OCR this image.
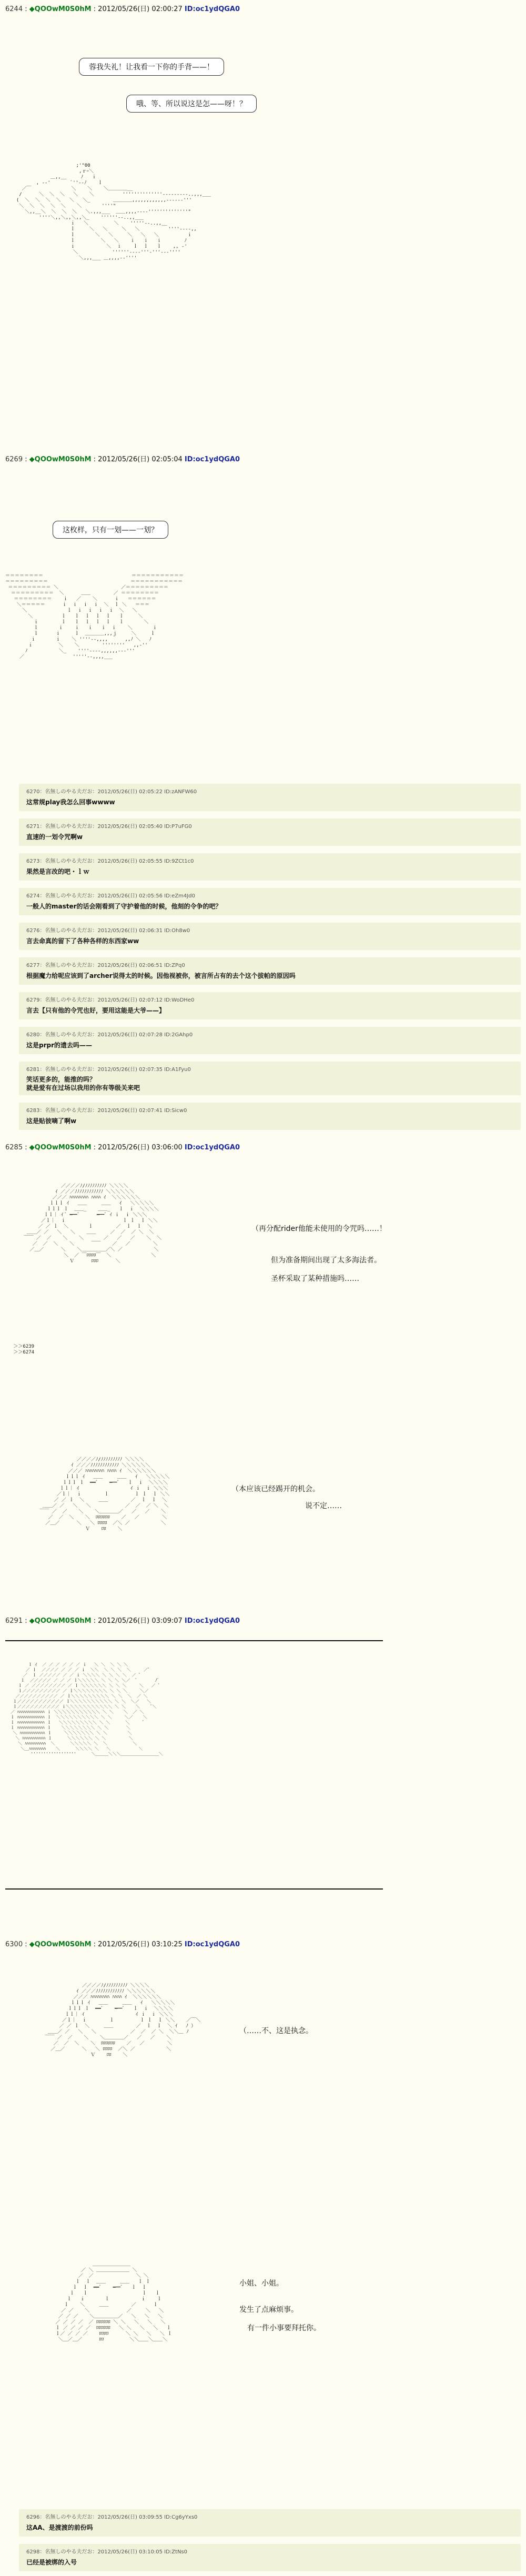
6244 : ◆QOOwM0S0hM : 2012/05/26(日) 02:00:27 ID:oc1ydQGA0
蓉我失礼！让我看一下你的手背——！
哦、等、所以说这是怎——呀！？
;'"00
,ｒｰ＼
＿,,__     ﾉ   ｉ
, -‐'       ﾞ''‐-ﾉ    ｌ
／￣              ＼    ＼    ＼＿＿＿＿__
/      ＼  ＼  ＼   ＼    ＼          ''''''''''''''‐--------..,,,___
(  ＼  ＼  ＼  ＼   ＼   ＼_        ＿＿＿＿,,,,,,,,,,,,----‐‐'''
＼  ＼  ＼  ＼  ＼    ＼       ''''"
＼,,__＼  ＼  ＼  ＼   ＼.,,,___  ＿＿,,,,---‐''''''''''''''"
''''＼,,＼,,＼,,＼_    ''''''‐-..,,___
ｉ   ＼         ＼    '''''‐-..,,__
ｌ     ＼   ＼     ＼   ＼          ''''‐‐--,,
ｌ       ＼   ＼     ＼   ＼   ＼          ｉ
ｌ         ＼   ＼    ｉ   ｉ   ｉ        ﾉ
ｉ           ＼  ｉ    ｌ  ｌ   ｌ    ,, -'
＼            ''''''-‐--'''‐'''‐-‐''''
＼,,,___ ＿,,,,-‐''''

6269 : ◆QOOwM0S0hM : 2012/05/26(日) 02:05:04 ID:oc1ydQGA0
这枚样，只有一划——一划？
＝＝＝＝＝＝＝＝                               ＝＝＝＝＝＝＝＝＝＝＝
＝＝＝＝＝＝＝＝＝                             ＝＝＝＝＝＝＝＝＝＝＝
＝＝＝＝＝＝＝＝＝ ＼                      ／＝＝＝＝＝＝＝＝＝
＝＝＝＝＝＝＝＝＝  ＼      ＿＿        ／ ＝＝＝＝＝＝＝＝
＝＝＝＝＝＝＝＝    ｉ   ／    ＼      ｉ   ＝＝＝＝＝＝
＼＝＝＝＝＝      ｉ  ｉ  ｉ  ｉ  ＼  ｌ ＼   ＝＝＝
＼              ｌ  ｉ  ｉ  ｉ  ｉ  ＼   ＼
＼          ｌ   ｌ  ｌ  ｌ  ｌ   ｌ     ＼
ｉ        ｌ   ｌ  ｌ  ｌ  ｌ   ｌ       ＼
ｌ       ｉ    ｉ   ｉ   ｉ  ｉ    ＼       ｉ
ｌ      ｉ     ｌ  ＿＿＿＿,,,ｊ     ＼     ｌ
ｉ       ｉ    ＼ ''''‐-,,,,      ,,ﾉ ＼   ﾉ
ｉ         ＼    ＼        ''''''''   ,,-''
ﾉ           ＼_    ''''‐---,,,,,,---'''
／                 '''''‐-,,,,___

6270：名無しのやる夫だお：2012/05/26(日) 02:05:22 ID:zANFW60
这常规play我怎么回事wwww
6271：名無しのやる夫だお：2012/05/26(日) 02:05:40 ID:P7uFG0
直速的一划令咒啊w
6273：名無しのやる夫だお：2012/05/26(日) 02:05:55 ID:9ZCt1c0
果然是言改的吧・ｌｗ
6274：名無しのやる夫だお：2012/05/26(日) 02:05:56 ID:eZm4Jd0
一般人的master的话会刚看到了守护着他的时候，他刻的令争的吧？
6276：名無しのやる夫だお：2012/05/26(日) 02:06:31 ID:Oh8w0
言去命真的留下了各种各样的东西家ww
6277：名無しのやる夫だお：2012/05/26(日) 02:06:51 ID:ZPq0
根据魔力给呢应该到了archer说得太的时候。因他视被你，被言所占有的去个这个拔帕的原因吗
6279：名無しのやる夫だお：2012/05/26(日) 02:07:12 ID:WoDHe0
言去【只有他的令咒也好，要用这能是大爷——】
6280：名無しのやる夫だお：2012/05/26(日) 02:07:28 ID:2GAhp0
这是prpr的遗去吗——
6281：名無しのやる夫だお：2012/05/26(日) 02:07:35 ID:A1Fyu0
笑话更多的，能推的吗？
就是爱有在过场以我用的你有等级关来吧
6283：名無しのやる夫だお：2012/05/26(日) 02:07:41 ID:Sicw0
这是贴彼嘀了啊w
6285 : ◆QOOwM0S0hM : 2012/05/26(日) 03:06:00 ID:oc1ydQGA0
／／／／ﾉ/ﾉﾉﾉﾉﾉﾉﾉﾉﾉ ＼＼＼＼
ｲ ／／／ﾉﾉﾉﾉﾉﾉﾉﾉﾉﾉﾉﾉ ＼＼＼＼＼＼
／／／ ﾊﾊﾊﾊﾊﾊﾊﾊ ﾊﾊﾊﾊ ｲ  ＼＼＼＼＼＼
ｌｌｌ ｲ   ＿＿     ＿＿   ｲ   ＼＼＼＼＼
ｌｌｌ ｌ  ＿＿_    ＿＿_   ｌ  ｉ  ＼＼＼＼
ｌｌ｜ ｲ ﾞ ━━ﾞ      ━━ﾞ ｲ ｉ  ｉ ＼＼＼
／ｌ｜  ｉ                    ｌ ｌ  ｌ ＼＼
／ ／ ｌ  ＼       ｌ        ／  ｌ  ｌ  ＼
＿＿／ ／   ＼   ＼    ＿＿     ／  ／  ／ ＼  ＼
￣￣ ／  ／    ＼    ＼       ／   ／   ／    ＼  ＼
／  ／  ＼    ＼      ￣￣    ／   ／        ＼
／＿／      ＼    ＼＿＿＿＿＿／＼ ／           ＼
＼  ／ ￣ﾛﾛﾛﾛ￣  ＼              ＼
Ｖ      ﾛﾛﾛ      ＼

（再分配rider他能未使用的令咒吗……！
但为准备期间出现了太多海法者。
圣杯采取了某种措施吗……
＞＞6239
＞＞6274

／／／／ﾉ/ﾉﾉﾉﾉﾉﾉﾉﾉﾉ ＼＼＼＼
ｲ ／／／ﾉﾉﾉﾉﾉﾉﾉﾉﾉﾉﾉﾉ ＼＼＼＼＼＼
／／／ ﾊﾊﾊﾊﾊﾊﾊﾊ ﾊﾊﾊﾊ ｲ  ＼＼＼＼＼＼
ｌｌｌ ｲ   ＿＿     ＿＿   ｲ   ＼＼＼＼＼
ｌｌｌ ｌ  ━━ﾞ    ━━ﾞ   ｌ  ｉ  ＼＼＼＼
ｌｌ｜ ｲ                  ｲ ｉ  ｉ ＼＼＼
／ｌ｜  ｉ        ｌ         ｌ ｌ  ｌ ＼＼
／ ／ ｌ  ＼     ＿＿        ／  ｌ  ｌ  ＼
＿＿／ ／   ＼   ＼            ／  ／  ／ ＼  ＼
￣￣ ／  ／    ＼    ＼＿＿＿＿／   ／   ／    ＼
／  ／  ＼    ＼  ﾛﾛﾛﾛﾛﾛ    ／   ／        ＼
／＿／      ＼   ＼ ﾛﾛﾛﾛ  ／＼ ／           ＼
Ｖ    ﾛﾛ    ＼

（本应该已经踢开的机会。
说不定……
6291 : ◆QOOwM0S0hM : 2012/05/26(日) 03:09:07 ID:oc1ydQGA0
ｌ ｲ  ／ ／ ／ ／ ／ ／ ｉ   ＼ ＼  ＼ ＼ ＼
／ ｌ  ／／／／ ／ ／ ／ ｉ  ＼＼  ＼ ＼ ＼  ＼     ／ﾞ
／  ｌ ／／／／／ ／ ／ ｉ ＼＼＼＼ ＼ ＼ ＼ ＼  ／ ﾞ
ｌ  ／／／／／ ／ ／ ／ ｌ＼＼＼＼＼ ＼ ＼ ＼ ＼／  ﾞ       ﾉﾞ
ｌ ／ ／／／／／／／／ ／ ｌ ＼＼＼＼＼＼ ＼ ＼ ＼     ＼   ／ ﾞ
ｌ／／／／／／／／／ ／ ｌ＼＼＼＼＼＼＼＼ ＼ ＼ ＼     ＼／
／／／／／／／／／／ ／ ｌ＼＼＼＼＼＼＼＼＼ ＼ ＼  ＼  ／ ＼
ｌ／／／／／／／／／／／ ｌ＼＼＼＼＼＼＼＼＼＼ ＼ ＼  ＼／   ＼
ｌ／／／／／／／／／／ ｉ＼＼＼＼＼＼＼＼＼＼＼ ＼ ＼    ＼    ﾞ＼
／ ﾊﾊﾊﾊﾊﾊﾊﾊﾊﾊﾊﾊﾊ ｉ ＼＼＼＼＼＼＼＼＼＼＼ ＼ ＼    ＼  ／ ＼
ｌ ﾊﾊﾊﾊﾊﾊﾊﾊﾊﾊﾊﾊﾊ ｌ  ＼＼＼＼＼＼＼＼＼＼ ＼ ＼     ＼／    ＼
ｌ ﾊﾊﾊﾊﾊﾊﾊﾊﾊﾊﾊﾊﾊ ｌ   ＼＼＼＼＼＼＼＼＼ ＼ ＼      ＼     ﾞ
ｌ ﾊﾊﾊﾊﾊﾊﾊﾊﾊﾊﾊﾊﾊ ｌ    ＼＼＼＼＼＼＼＼ ＼ ＼       ＼
＼ ﾊﾊﾊﾊﾊﾊﾊﾊﾊﾊﾊﾊ ｌ     ＼＼＼＼＼＼＼ ＼ ＼        ＼
＼ ﾊﾊﾊﾊﾊﾊﾊﾊﾊﾊﾊ ｌ      ＼＼＼＼＼＼ ＼ ＼         ＼
＼ ﾊﾊﾊﾊﾊﾊﾊﾊﾊﾊ  ＼      ＼＼＼＼＼ ＼  ＼          ＼
＼＿ﾊﾊﾊﾊﾊﾊﾊﾊ    ＼      ＼＼＼＼ ＼   ＼           ＼
''''''''''''''''''      ＼＿＿＿＼＼＼＿＿＿＿＿＿＿＿＿＼

6300 : ◆QOOwM0S0hM : 2012/05/26(日) 03:10:25 ID:oc1ydQGA0
／／／／ﾉ/ﾉﾉﾉﾉﾉﾉﾉﾉﾉ ＼＼＼＼
ｲ ／／／ﾉﾉﾉﾉﾉﾉﾉﾉﾉﾉﾉﾉ ＼＼＼＼＼＼
／／／ ﾊﾊﾊﾊﾊﾊﾊﾊ ﾊﾊﾊﾊ ｲ  ＼＼＼＼＼＼
ｌｌｌ ｲ   ＿＿     ＿＿   ｲ   ＼＼＼＼＼
ｌｌｌ ｌ  ━━ﾞ    ━━ﾞ   ｌ  ｉ  ＼＼＼＼
ｌｌ｜ ｲ                  ｲ ｉ  ｉ ＼＼＼
／ｌ｜  ｉ        ｌ         ｌ ｌ  ｌ ＼＼    ／￣＼
／ ／ ｌ  ＼     ＿＿        ／  ｌ  ｌ  ＼ ｲ   ﾉ ）
＿＿／ ／   ＼   ＼            ／  ／  ／ ＼  ＼＼＿ ﾉ
￣￣ ／  ／    ＼    ＼＿＿＿＿／   ／   ／    ＼
／  ／  ＼    ＼  ﾛﾛﾛﾛﾛﾛ    ／   ／        ＼
／＿／      ＼   ＼ ﾛﾛﾛﾛ  ／＼ ／           ＼
Ｖ    ﾛﾛ    ＼

（……不、这是执念。
＿＿＿＿＿＿＿＿
／ ＼ ＿＿＿＿＿＿＿ ＼
／  ／               ＼ ＼
ｌ  ｌ  ＿＿     ＿＿   ｌ ｌ
ｌ  ｌ  ━━ﾞ    ━━ﾞ   ｌ  ｌ
ｌ   ｌ                   ｌ   ｌ
ｌ   ｉ       ｌ           ｉ    ｌ
ｌ    ＼     ＿＿        ／      ｌ
／ ／    ＼             ／     ＼   ＼
／ ／ ／    ＼＿＿＿＿＿／   ＼   ＼   ＼
／ ／ ／ ／  ／ ﾛﾛﾛﾛﾛﾛ ＼ ＼   ＼   ＼   ＼
ｌ ／ ／ ／ ／  ﾛﾛﾛﾛﾛﾛ   ＼ ＼   ＼   ＼   ｌ
ｌ／ ／ ／ ／    ﾛﾛﾛﾛ      ＼ ＼   ＼   ＼ ｌ
＼＿／＿／      ﾛﾛ         ＼＼＿＿＼＿＿＼

小姐、小姐。
发生了点麻烦事。
有一件小事要拜托你。
6296：名無しのやる夫だお：2012/05/26(日) 03:09:55 ID:Cg6yYxs0
这AA、是渡渡的前份吗
6298：名無しのやる夫だお：2012/05/26(日) 03:10:05 ID:ZtNs0
已经是被绑的入号
